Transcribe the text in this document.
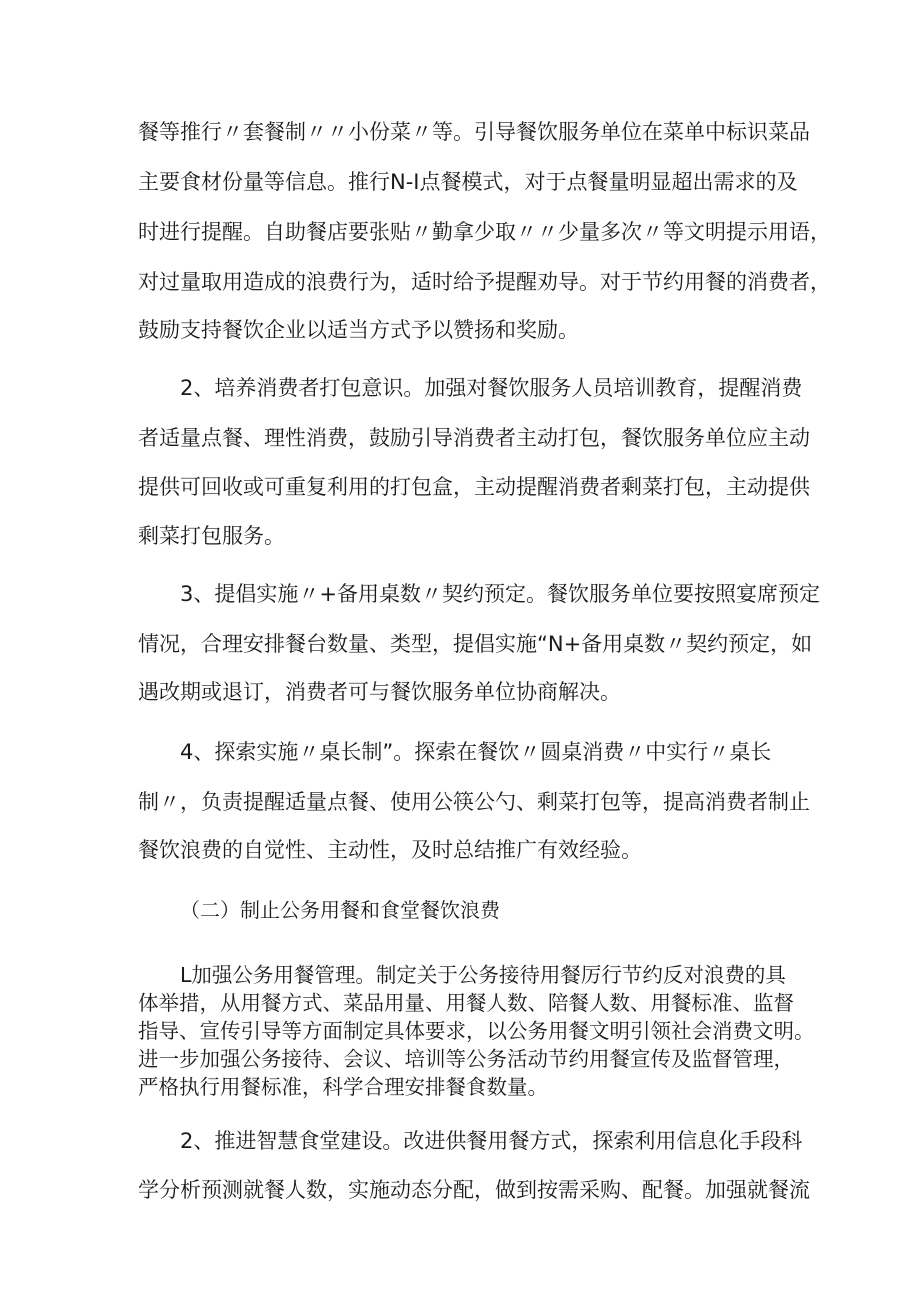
餐等推行〃套餐制〃〃小份菜〃等。引导餐饮服务单位在菜单中标识菜品
主要食材份量等信息。推行N-I点餐模式，对于点餐量明显超出需求的及
时进行提醒。自助餐店要张贴〃勤拿少取〃〃少量多次〃等文明提示用语，
对过量取用造成的浪费行为，适时给予提醒劝导。对于节约用餐的消费者，
鼓励支持餐饮企业以适当方式予以赞扬和奖励。
2、培养消费者打包意识。加强对餐饮服务人员培训教育，提醒消费
者适量点餐、理性消费，鼓励引导消费者主动打包，餐饮服务单位应主动
提供可回收或可重复利用的打包盒，主动提醒消费者剩菜打包，主动提供
剩菜打包服务。
3、提倡实施〃+备用桌数〃契约预定。餐饮服务单位要按照宴席预定
情况，合理安排餐台数量、类型，提倡实施“N+备用桌数〃契约预定，如
遇改期或退订，消费者可与餐饮服务单位协商解决。
4、探索实施〃桌长制”。探索在餐饮〃圆桌消费〃中实行〃桌长
制〃，负责提醒适量点餐、使用公筷公勺、剩菜打包等，提高消费者制止
餐饮浪费的自觉性、主动性，及时总结推广有效经验。
（二）制止公务用餐和食堂餐饮浪费
L加强公务用餐管理。制定关于公务接待用餐厉行节约反对浪费的具
体举措，从用餐方式、菜品用量、用餐人数、陪餐人数、用餐标准、监督
指导、宣传引导等方面制定具体要求，以公务用餐文明引领社会消费文明。
进一步加强公务接待、会议、培训等公务活动节约用餐宣传及监督管理，
严格执行用餐标准，科学合理安排餐食数量。
2、推进智慧食堂建设。改进供餐用餐方式，探索利用信息化手段科
学分析预测就餐人数，实施动态分配，做到按需采购、配餐。加强就餐流
